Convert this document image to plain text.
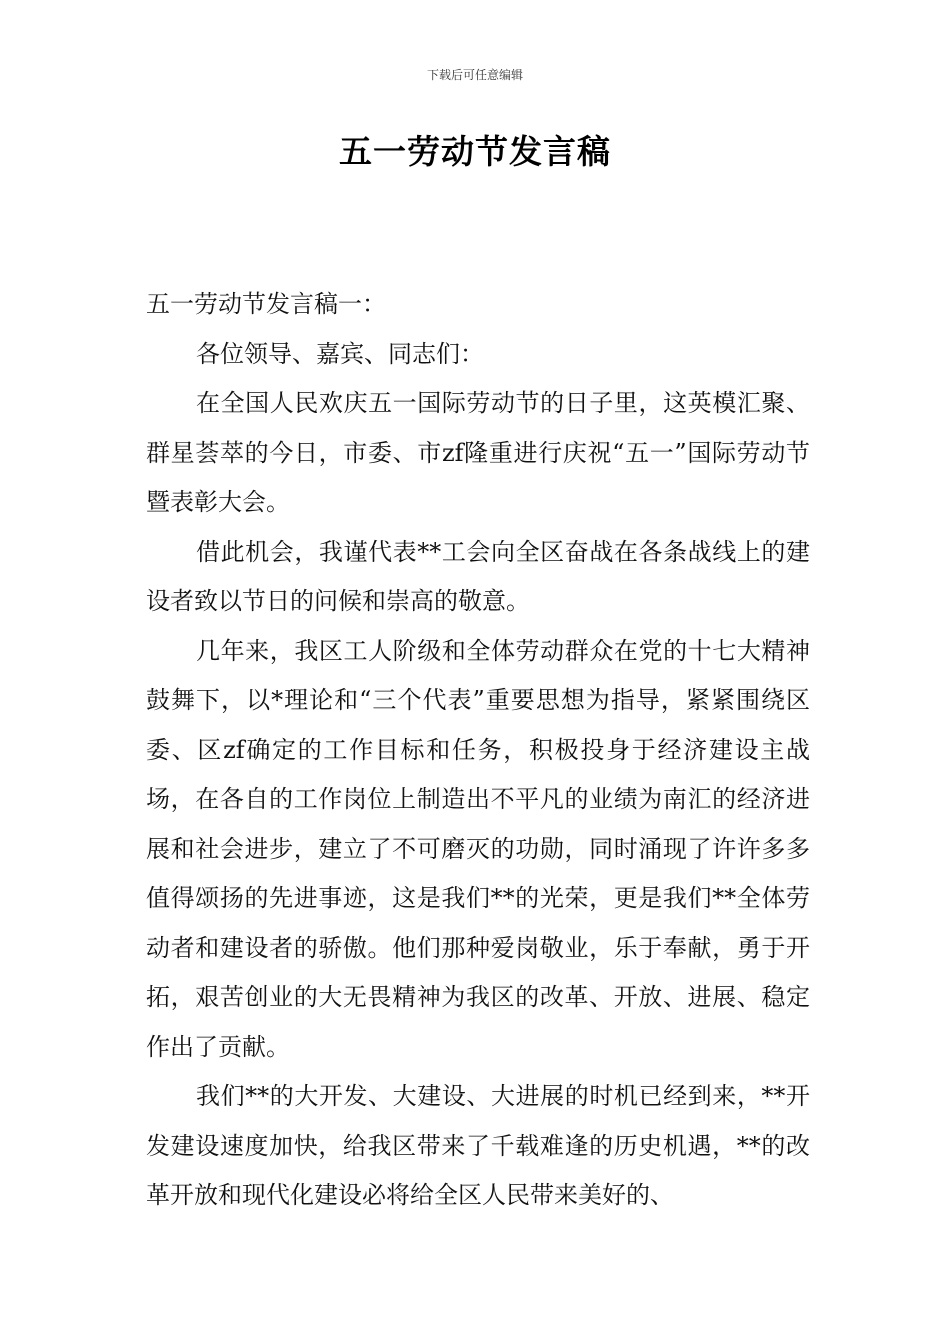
下载后可任意编辑
五一劳动节发言稿

五一劳动节发言稿一：

各位领导、嘉宾、同志们：

在全国人民欢庆五一国际劳动节的日子里，这英模汇聚、群星荟萃的今日，市委、市zf隆重进行庆祝“五一”国际劳动节暨表彰大会。

借此机会，我谨代表**工会向全区奋战在各条战线上的建设者致以节日的问候和崇高的敬意。

几年来，我区工人阶级和全体劳动群众在党的十七大精神鼓舞下，以*理论和“三个代表”重要思想为指导，紧紧围绕区委、区zf确定的工作目标和任务，积极投身于经济建设主战场，在各自的工作岗位上制造出不平凡的业绩为南汇的经济进展和社会进步，建立了不可磨灭的功勋，同时涌现了许许多多值得颂扬的先进事迹，这是我们**的光荣，更是我们**全体劳动者和建设者的骄傲。他们那种爱岗敬业，乐于奉献，勇于开拓，艰苦创业的大无畏精神为我区的改革、开放、进展、稳定作出了贡献。

我们**的大开发、大建设、大进展的时机已经到来，**开发建设速度加快，给我区带来了千载难逢的历史机遇，**的改革开放和现代化建设必将给全区人民带来美好的、
